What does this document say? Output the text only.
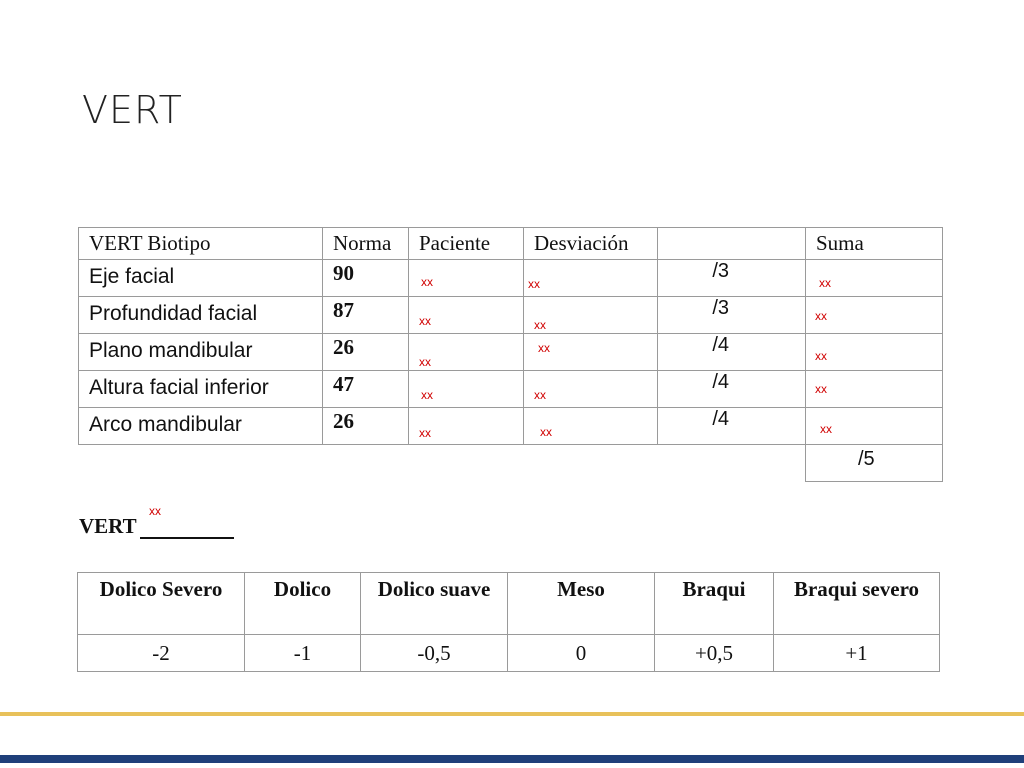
VERT
VERT Biotipo	Norma	Paciente	Desviación		Suma

Eje facial	90	xx	xx	/3	xx

Profundidad facial	87	xx	xx	/3	xx

Plano mandibular	26	xx	xx	/4	xx

Altura facial inferior	47	xx	xx	/4	xx

Arco mandibular	26	xx	xx	/4	xx

					/5
VERT
xx
Dolico Severo	Dolico	Dolico suave	Meso	Braqui	Braqui severo
-2	-1	-0,5	0	+0,5	+1
